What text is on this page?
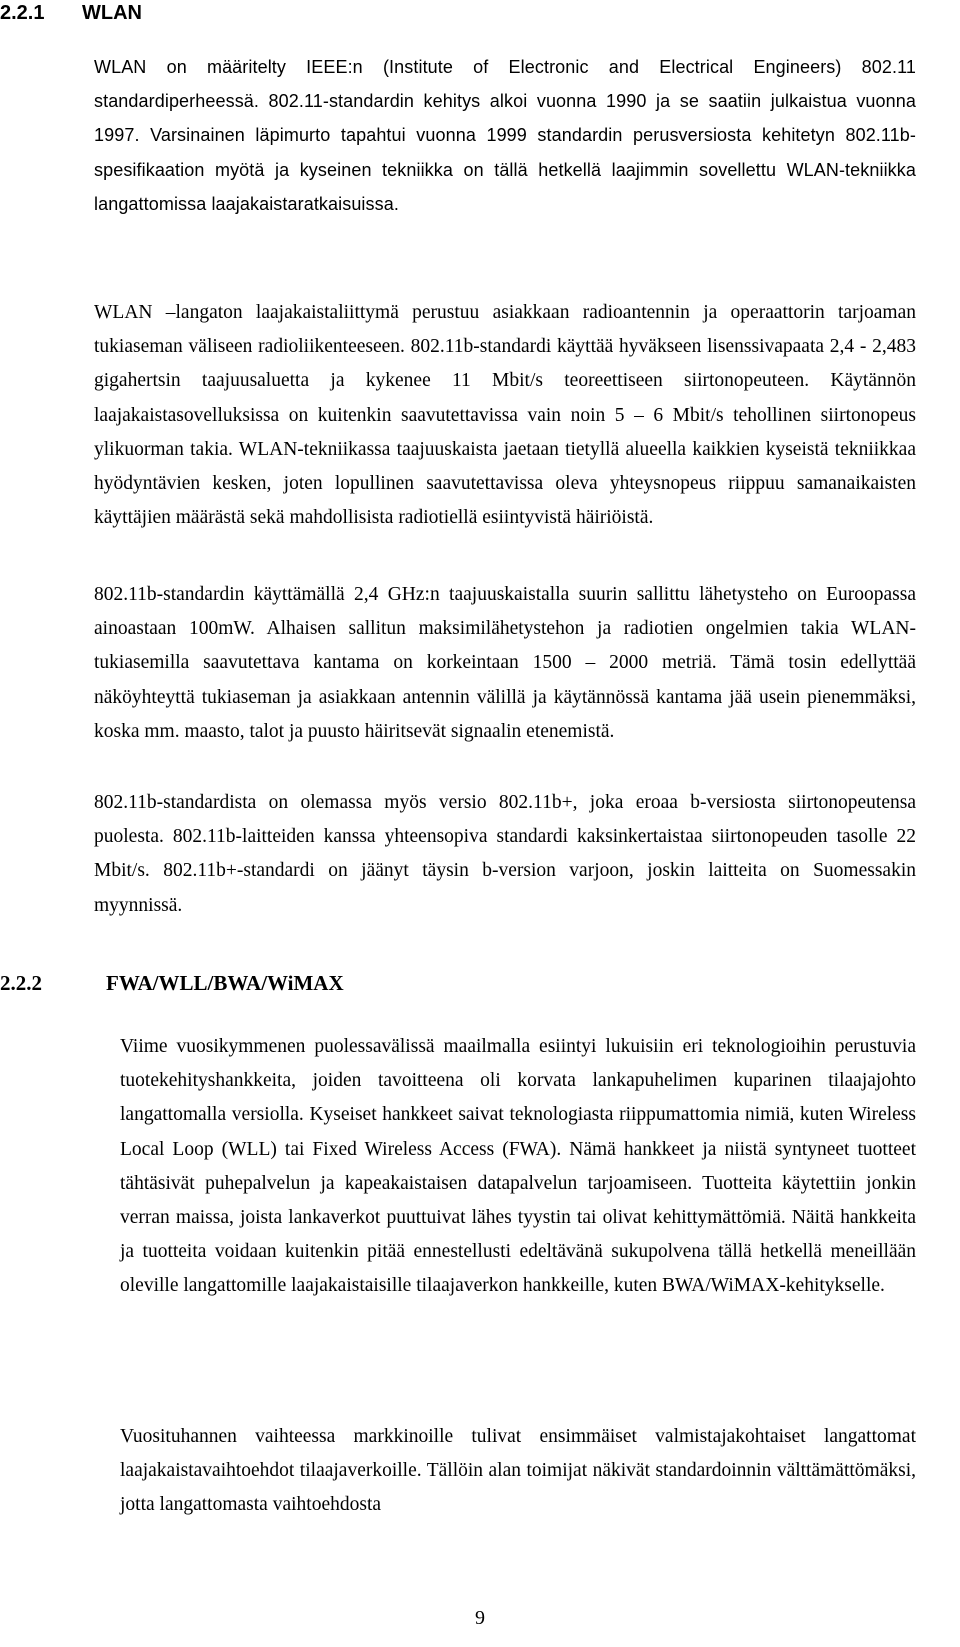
2.2.1 WLAN
WLAN on määritelty IEEE:n (Institute of Electronic and Electrical Engineers) 802.11 standardiperheessä. 802.11-standardin kehitys alkoi vuonna 1990 ja se saatiin julkaistua vuonna 1997. Varsinainen läpimurto tapahtui vuonna 1999 standardin perusversiosta kehitetyn 802.11b-spesifikaation myötä ja kyseinen tekniikka on tällä hetkellä laajimmin sovellettu WLAN-tekniikka langattomissa laajakaistaratkaisuissa.
WLAN –langaton laajakaistaliittymä perustuu asiakkaan radioantennin ja operaattorin tarjoaman tukiaseman väliseen radioliikenteeseen. 802.11b-standardi käyttää hyväkseen lisenssivapaata 2,4 - 2,483 gigahertsin taajuusaluetta ja kykenee 11 Mbit/s teoreettiseen siirtonopeuteen. Käytännön laajakaistasovelluksissa on kuitenkin saavutettavissa vain noin 5 – 6 Mbit/s tehollinen siirtonopeus ylikuorman takia. WLAN-tekniikassa taajuuskaista jaetaan tietyllä alueella kaikkien kyseistä tekniikkaa hyödyntävien kesken, joten lopullinen saavutettavissa oleva yhteysnopeus riippuu samanaikaisten käyttäjien määrästä sekä mahdollisista radiotiellä esiintyvistä häiriöistä.
802.11b-standardin käyttämällä 2,4 GHz:n taajuuskaistalla suurin sallittu lähetysteho on Euroopassa ainoastaan 100mW. Alhaisen sallitun maksimilähetystehon ja radiotien ongelmien takia WLAN-tukiasemilla saavutettava kantama on korkeintaan 1500 – 2000 metriä. Tämä tosin edellyttää näköyhteyttä tukiaseman ja asiakkaan antennin välillä ja käytännössä kantama jää usein pienemmäksi, koska mm. maasto, talot ja puusto häiritsevät signaalin etenemistä.
802.11b-standardista on olemassa myös versio 802.11b+, joka eroaa b-versiosta siirtonopeutensa puolesta. 802.11b-laitteiden kanssa yhteensopiva standardi kaksinkertaistaa siirtonopeuden tasolle 22 Mbit/s. 802.11b+-standardi on jäänyt täysin b-version varjoon, joskin laitteita on Suomessakin myynnissä.
2.2.2	FWA/WLL/BWA/WiMAX
Viime vuosikymmenen puolessavälissä maailmalla esiintyi lukuisiin eri teknologioihin perustuvia tuotekehityshankkeita, joiden tavoitteena oli korvata lankapuhelimen kuparinen tilaajajohto langattomalla versiolla. Kyseiset hankkeet saivat teknologiasta riippumattomia nimiä, kuten Wireless Local Loop (WLL) tai Fixed Wireless Access (FWA). Nämä hankkeet ja niistä syntyneet tuotteet tähtäsivät puhepalvelun ja kapeakaistaisen datapalvelun tarjoamiseen. Tuotteita käytettiin jonkin verran maissa, joista lankaverkot puuttuivat lähes tyystin tai olivat kehittymättömiä. Näitä hankkeita ja tuotteita voidaan kuitenkin pitää ennestellusti edeltävänä sukupolvena tällä hetkellä meneillään oleville langattomille laajakaistaisille tilaajaverkon hankkeille, kuten BWA/WiMAX-kehitykselle.
Vuosituhannen vaihteessa markkinoille tulivat ensimmäiset valmistajakohtaiset langattomat laajakaistavaihtoehdot tilaajaverkoille. Tällöin alan toimijat näkivät standardoinnin välttämättömäksi, jotta langattomasta vaihtoehdosta
9
